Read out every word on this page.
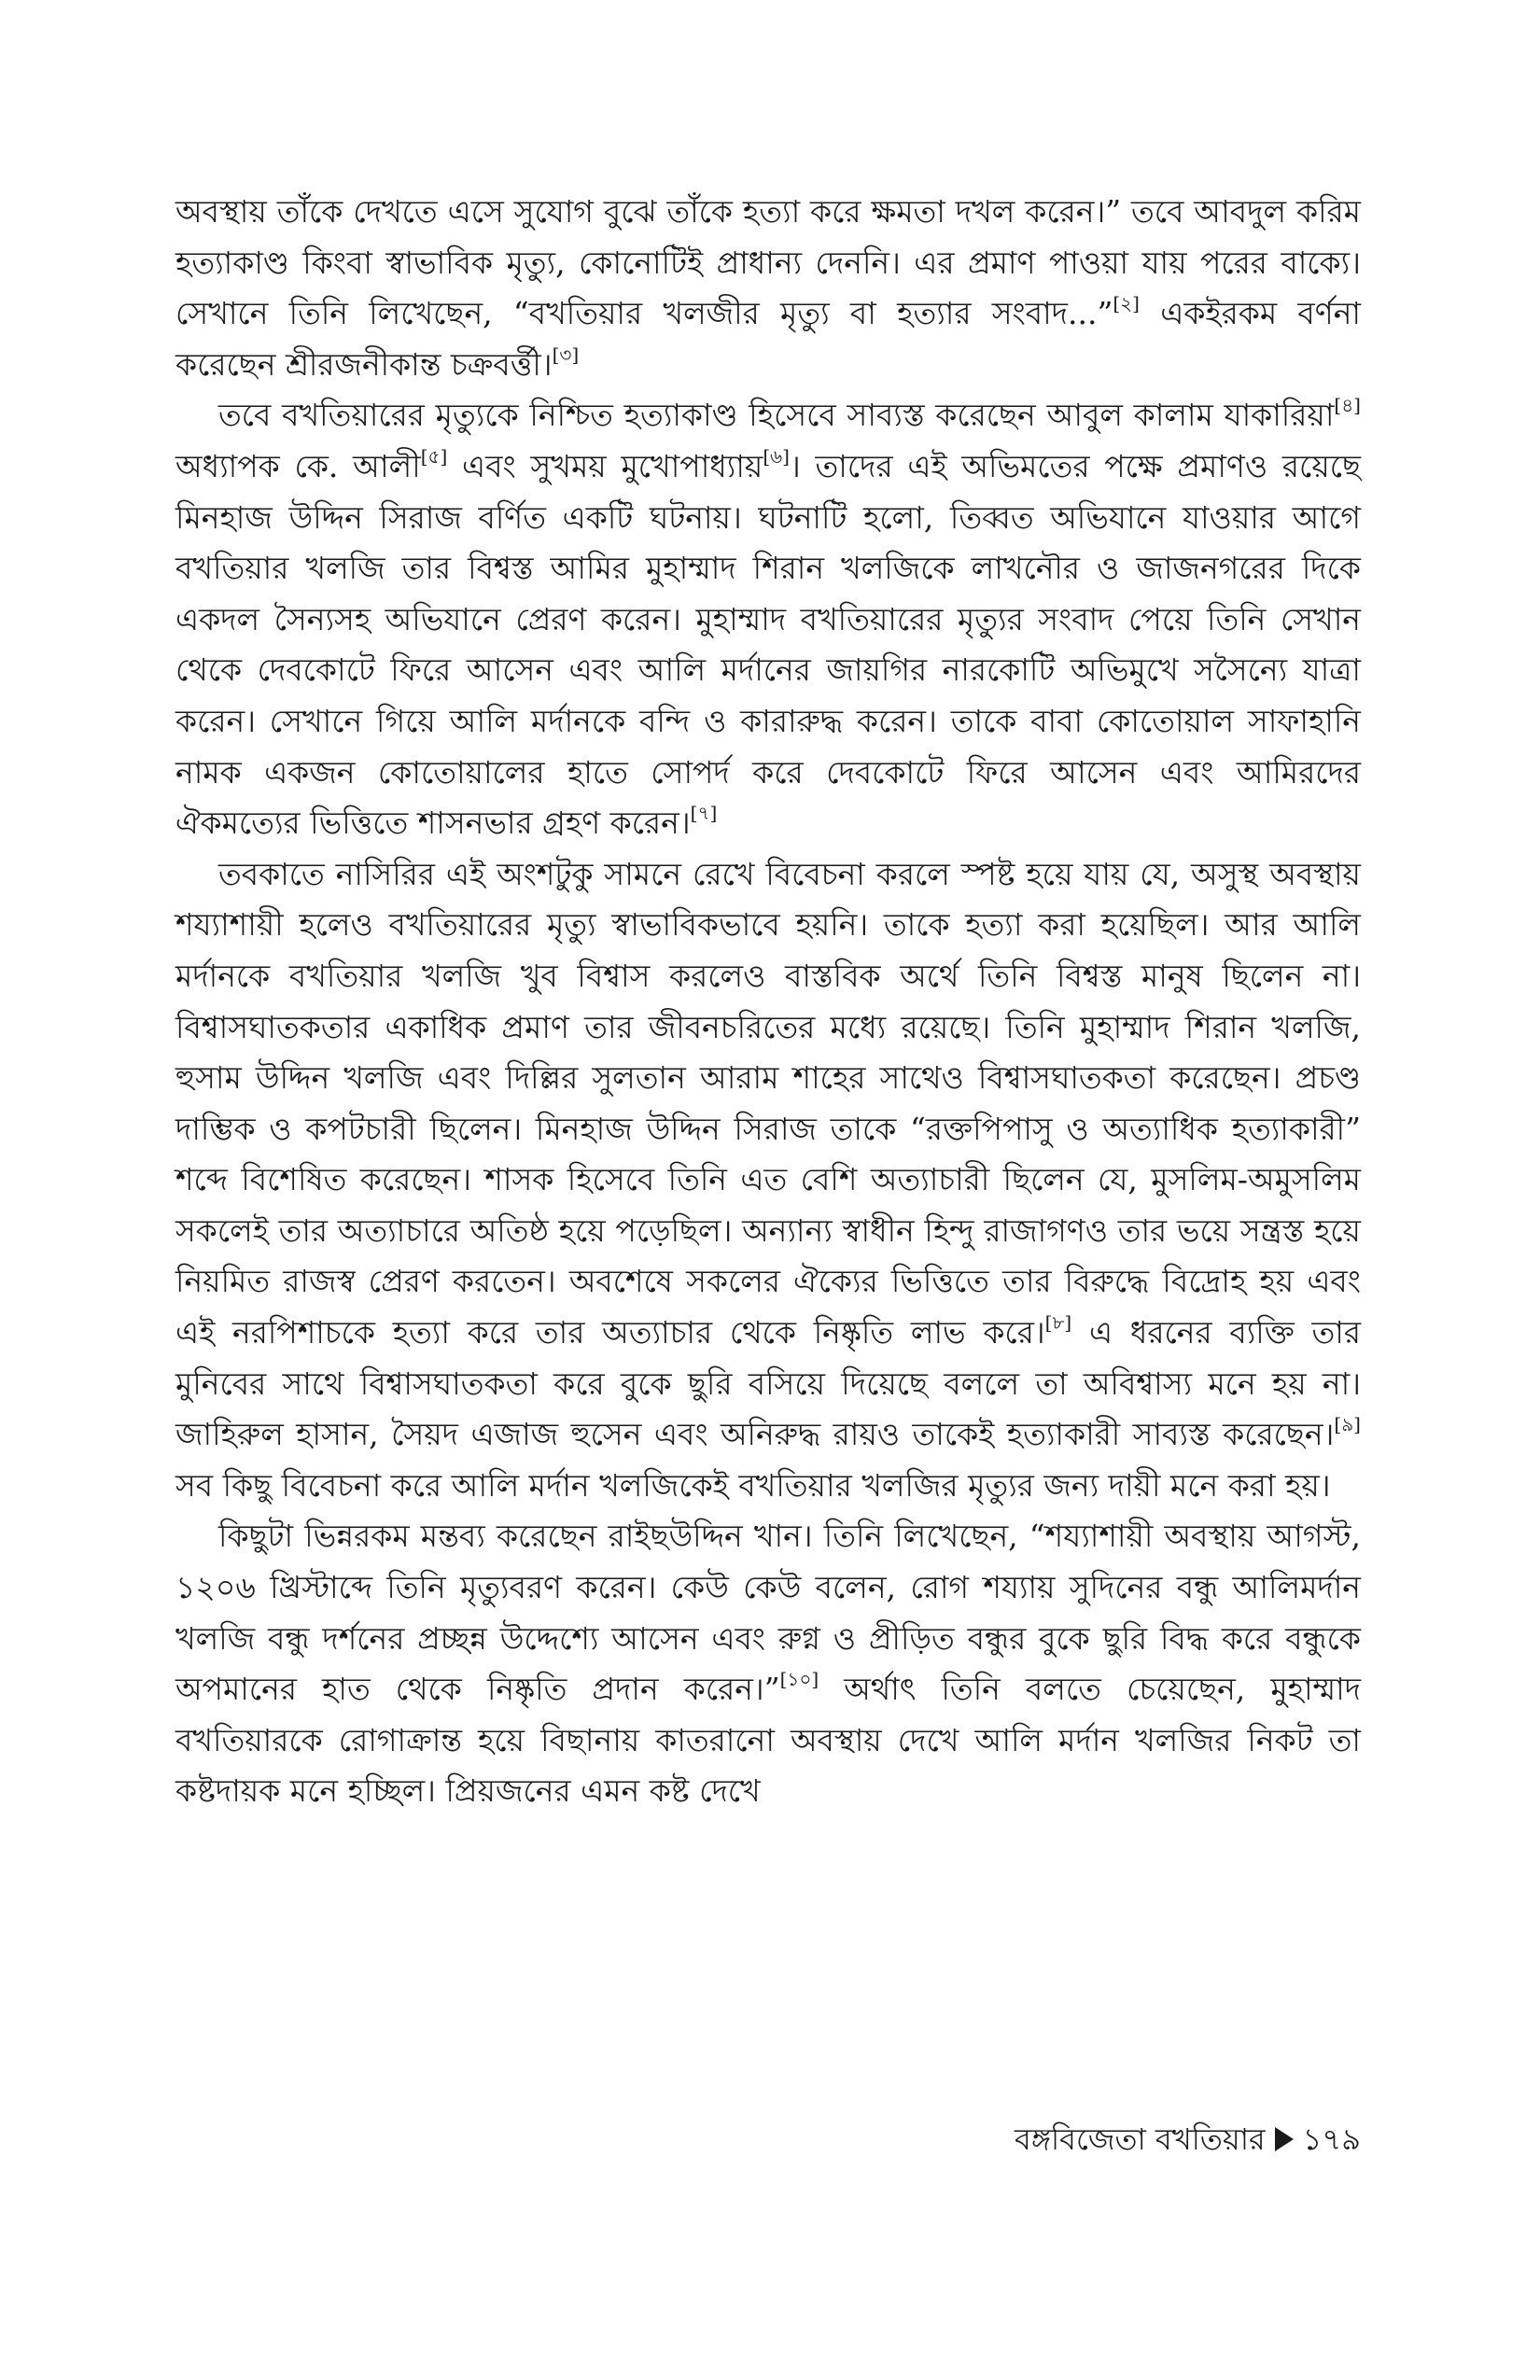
অবস্থায় তাঁকে দেখতে এসে সুযোগ বুঝে তাঁকে হত্যা করে ক্ষমতা দখল করেন।” তবে আবদুল করিম হত্যাকাণ্ড কিংবা স্বাভাবিক মৃত্যু, কোনোটিই প্রাধান্য দেননি। এর প্রমাণ পাওয়া যায় পরের বাক্যে। সেখানে তিনি লিখেছেন, “বখতিয়ার খলজীর মৃত্যু বা হত্যার সংবাদ...”[২] একইরকম বর্ণনা করেছেন শ্রীরজনীকান্ত চক্রবর্ত্তী।[৩]

তবে বখতিয়ারের মৃত্যুকে নিশ্চিত হত্যাকাণ্ড হিসেবে সাব্যস্ত করেছেন আবুল কালাম যাকারিয়া[৪] অধ্যাপক কে. আলী[৫] এবং সুখময় মুখোপাধ্যায়[৬]। তাদের এই অভিমতের পক্ষে প্রমাণও রয়েছে মিনহাজ উদ্দিন সিরাজ বর্ণিত একটি ঘটনায়। ঘটনাটি হলো, তিব্বত অভিযানে যাওয়ার আগে বখতিয়ার খলজি তার বিশ্বস্ত আমির মুহাম্মাদ শিরান খলজিকে লাখনৌর ও জাজনগরের দিকে একদল সৈন্যসহ অভিযানে প্রেরণ করেন। মুহাম্মাদ বখতিয়ারের মৃত্যুর সংবাদ পেয়ে তিনি সেখান থেকে দেবকোটে ফিরে আসেন এবং আলি মর্দানের জায়গির নারকোটি অভিমুখে সসৈন্যে যাত্রা করেন। সেখানে গিয়ে আলি মর্দানকে বন্দি ও কারারুদ্ধ করেন। তাকে বাবা কোতোয়াল সাফাহানি নামক একজন কোতোয়ালের হাতে সোপর্দ করে দেবকোটে ফিরে আসেন এবং আমিরদের ঐকমত্যের ভিত্তিতে শাসনভার গ্রহণ করেন।[৭]

তবকাতে নাসিরির এই অংশটুকু সামনে রেখে বিবেচনা করলে স্পষ্ট হয়ে যায় যে, অসুস্থ অবস্থায় শয্যাশায়ী হলেও বখতিয়ারের মৃত্যু স্বাভাবিকভাবে হয়নি। তাকে হত্যা করা হয়েছিল। আর আলি মর্দানকে বখতিয়ার খলজি খুব বিশ্বাস করলেও বাস্তবিক অর্থে তিনি বিশ্বস্ত মানুষ ছিলেন না। বিশ্বাসঘাতকতার একাধিক প্রমাণ তার জীবনচরিতের মধ্যে রয়েছে। তিনি মুহাম্মাদ শিরান খলজি, হুসাম উদ্দিন খলজি এবং দিল্লির সুলতান আরাম শাহের সাথেও বিশ্বাসঘাতকতা করেছেন। প্রচণ্ড দাম্ভিক ও কপটচারী ছিলেন। মিনহাজ উদ্দিন সিরাজ তাকে “রক্তপিপাসু ও অত্যাধিক হত্যাকারী” শব্দে বিশেষিত করেছেন। শাসক হিসেবে তিনি এত বেশি অত্যাচারী ছিলেন যে, মুসলিম-অমুসলিম সকলেই তার অত্যাচারে অতিষ্ঠ হয়ে পড়েছিল। অন্যান্য স্বাধীন হিন্দু রাজাগণও তার ভয়ে সন্ত্রস্ত হয়ে নিয়মিত রাজস্ব প্রেরণ করতেন। অবশেষে সকলের ঐক্যের ভিত্তিতে তার বিরুদ্ধে বিদ্রোহ হয় এবং এই নরপিশাচকে হত্যা করে তার অত্যাচার থেকে নিষ্কৃতি লাভ করে।[৮] এ ধরনের ব্যক্তি তার মুনিবের সাথে বিশ্বাসঘাতকতা করে বুকে ছুরি বসিয়ে দিয়েছে বললে তা অবিশ্বাস্য মনে হয় না। জাহিরুল হাসান, সৈয়দ এজাজ হুসেন এবং অনিরুদ্ধ রায়ও তাকেই হত্যাকারী সাব্যস্ত করেছেন।[৯] সব কিছু বিবেচনা করে আলি মর্দান খলজিকেই বখতিয়ার খলজির মৃত্যুর জন্য দায়ী মনে করা হয়।

কিছুটা ভিন্নরকম মন্তব্য করেছেন রাইছউদ্দিন খান। তিনি লিখেছেন, “শয্যাশায়ী অবস্থায় আগস্ট, ১২০৬ খ্রিস্টাব্দে তিনি মৃত্যুবরণ করেন। কেউ কেউ বলেন, রোগ শয্যায় সুদিনের বন্ধু আলিমর্দান খলজি বন্ধু দর্শনের প্রচ্ছন্ন উদ্দেশ্যে আসেন এবং রুগ্ন ও প্রীড়িত বন্ধুর বুকে ছুরি বিদ্ধ করে বন্ধুকে অপমানের হাত থেকে নিষ্কৃতি প্রদান করেন।”[১০] অর্থাৎ তিনি বলতে চেয়েছেন, মুহাম্মাদ বখতিয়ারকে রোগাক্রান্ত হয়ে বিছানায় কাতরানো অবস্থায় দেখে আলি মর্দান খলজির নিকট তা কষ্টদায়ক মনে হচ্ছিল। প্রিয়জনের এমন কষ্ট দেখে

বঙ্গবিজেতা বখতিয়ার ১৭৯
